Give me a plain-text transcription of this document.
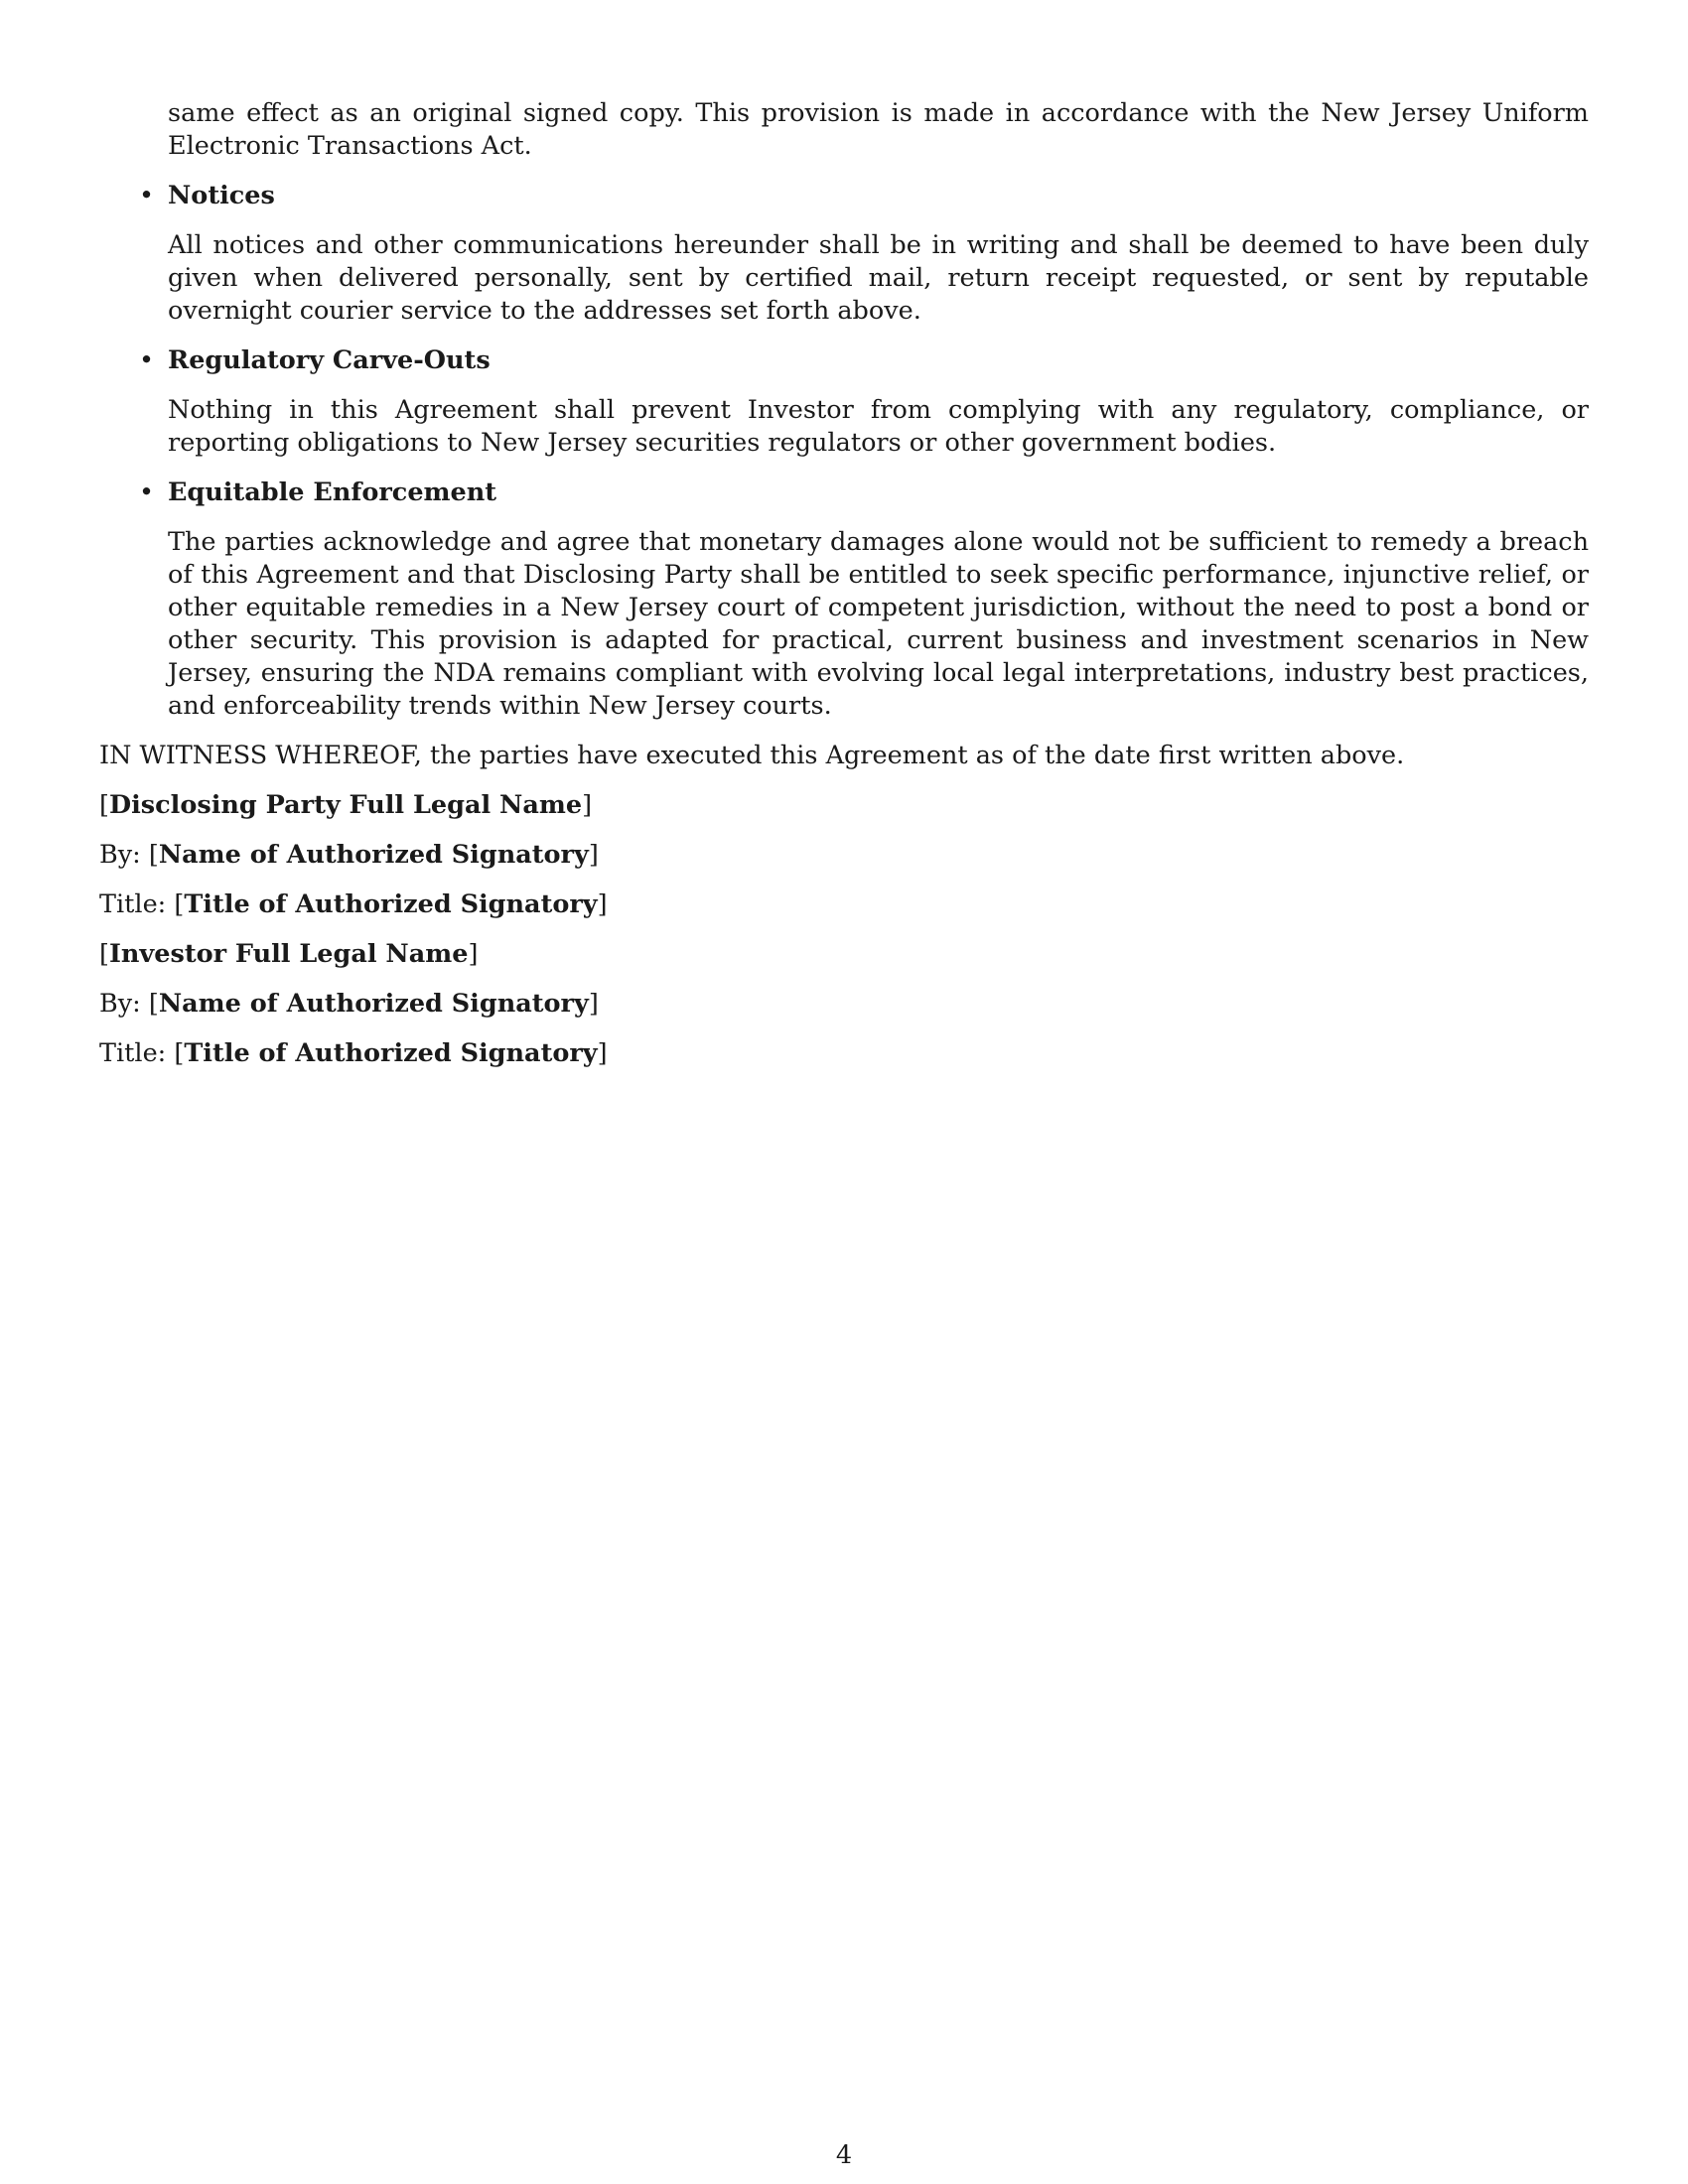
same effect as an original signed copy. This provision is made in accordance with the New Jersey Uniform Electronic Transactions Act.

• Notices

All notices and other communications hereunder shall be in writing and shall be deemed to have been duly given when delivered personally, sent by certified mail, return receipt requested, or sent by reputable overnight courier service to the addresses set forth above.

• Regulatory Carve-Outs

Nothing in this Agreement shall prevent Investor from complying with any regulatory, compliance, or reporting obligations to New Jersey securities regulators or other government bodies.

• Equitable Enforcement

The parties acknowledge and agree that monetary damages alone would not be sufficient to remedy a breach of this Agreement and that Disclosing Party shall be entitled to seek specific performance, injunctive relief, or other equitable remedies in a New Jersey court of competent jurisdiction, without the need to post a bond or other security. This provision is adapted for practical, current business and investment scenarios in New Jersey, ensuring the NDA remains compliant with evolving local legal interpretations, industry best practices, and enforceability trends within New Jersey courts.

IN WITNESS WHEREOF, the parties have executed this Agreement as of the date first written above.

[Disclosing Party Full Legal Name]

By: [Name of Authorized Signatory]

Title: [Title of Authorized Signatory]

[Investor Full Legal Name]

By: [Name of Authorized Signatory]

Title: [Title of Authorized Signatory]

4
